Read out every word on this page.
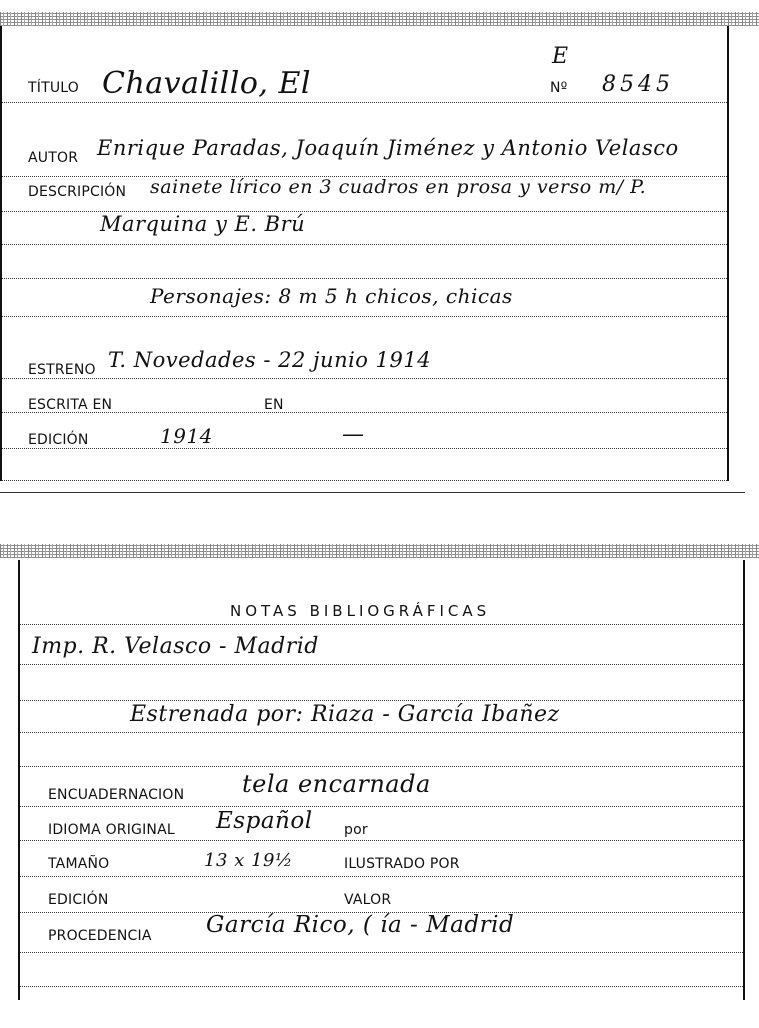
TÍTULO Chavalillo, El
E
Nº 8545
AUTOR Enrique Paradas, Joaquín Jiménez y Antonio Velasco
DESCRIPCIÓN sainete lírico en 3 cuadros en prosa y verso m/ P.
Marquina y E. Brú
Personajes: 8 m 5 h chicos, chicas
ESTRENO T. Novedades - 22 junio 1914
ESCRITA EN	EN
EDICIÓN	1914	—
NOTAS BIBLIOGRÁFICAS
Imp. R. Velasco - Madrid
Estrenada por: Riaza - García Ibañez
ENCUADERNACION tela encarnada
IDIOMA ORIGINAL Español por
TAMAÑO	13 x 19½	ILUSTRADO POR
EDICIÓN	VALOR
PROCEDENCIA García Rico, ( ía - Madrid
